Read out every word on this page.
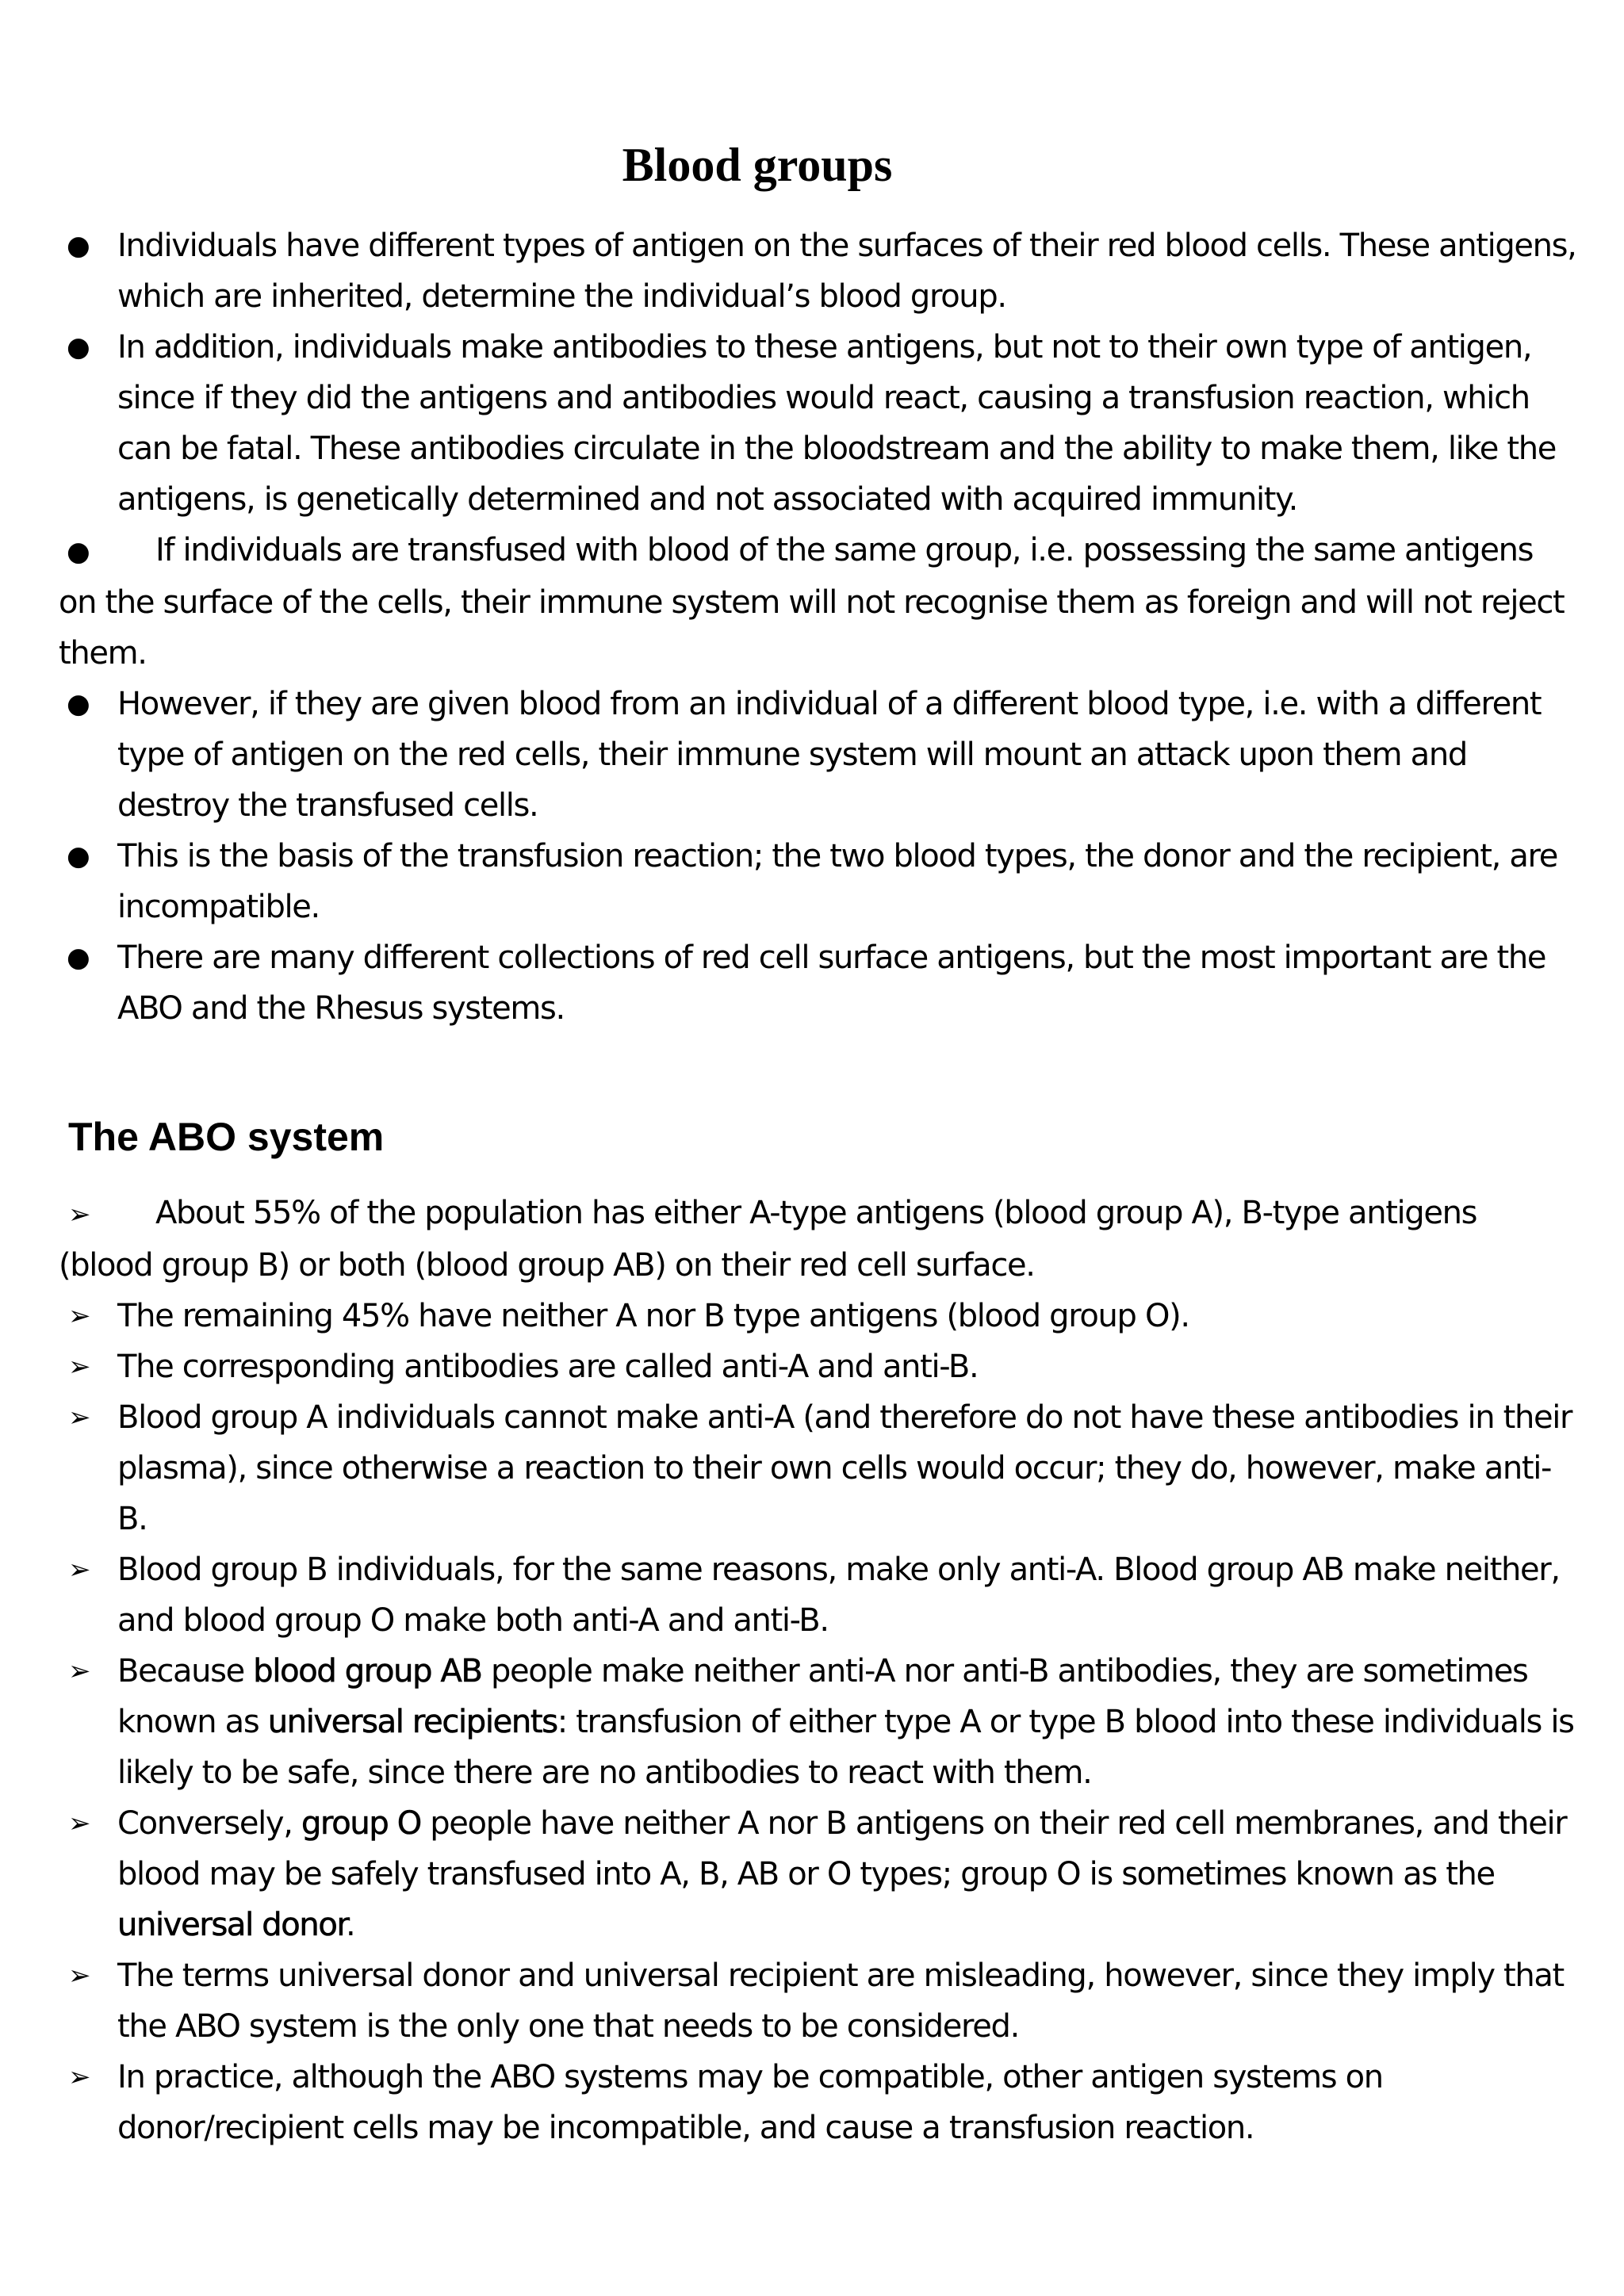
Blood groups

● Individuals have different types of antigen on the surfaces of their red blood cells. These antigens, which are inherited, determine the individual’s blood group.

● In addition, individuals make antibodies to these antigens, but not to their own type of antigen, since if they did the antigens and antibodies would react, causing a transfusion reaction, which can be fatal. These antibodies circulate in the bloodstream and the ability to make them, like the antigens, is genetically determined and not associated with acquired immunity.

● If individuals are transfused with blood of the same group, i.e. possessing the same antigens on the surface of the cells, their immune system will not recognise them as foreign and will not reject them.

● However, if they are given blood from an individual of a different blood type, i.e. with a different type of antigen on the red cells, their immune system will mount an attack upon them and destroy the transfused cells.

● This is the basis of the transfusion reaction; the two blood types, the donor and the recipient, are incompatible.

● There are many different collections of red cell surface antigens, but the most important are the ABO and the Rhesus systems.

The ABO system

➢ About 55% of the population has either A-type antigens (blood group A), B-type antigens (blood group B) or both (blood group AB) on their red cell surface.

➢ The remaining 45% have neither A nor B type antigens (blood group O).

➢ The corresponding antibodies are called anti-A and anti-B.

➢ Blood group A individuals cannot make anti-A (and therefore do not have these antibodies in their plasma), since otherwise a reaction to their own cells would occur; they do, however, make anti-B.

➢ Blood group B individuals, for the same reasons, make only anti-A. Blood group AB make neither, and blood group O make both anti-A and anti-B.

➢ Because blood group AB people make neither anti-A nor anti-B antibodies, they are sometimes known as universal recipients: transfusion of either type A or type B blood into these individuals is likely to be safe, since there are no antibodies to react with them.

➢ Conversely, group O people have neither A nor B antigens on their red cell membranes, and their blood may be safely transfused into A, B, AB or O types; group O is sometimes known as the universal donor.

➢ The terms universal donor and universal recipient are misleading, however, since they imply that the ABO system is the only one that needs to be considered.

➢ In practice, although the ABO systems may be compatible, other antigen systems on donor/recipient cells may be incompatible, and cause a transfusion reaction.
